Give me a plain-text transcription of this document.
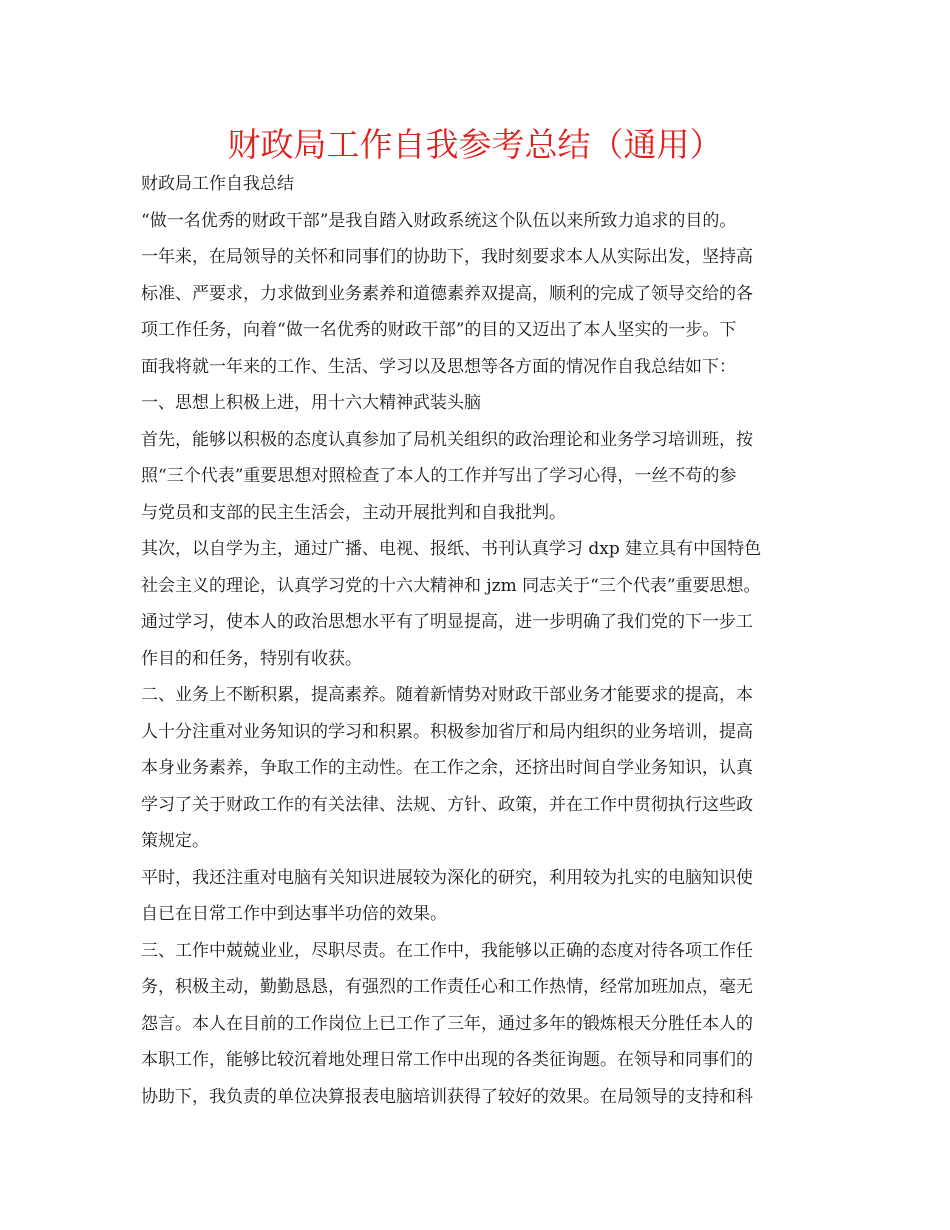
财政局工作自我参考总结（通用）
财政局工作自我总结
“做一名优秀的财政干部”是我自踏入财政系统这个队伍以来所致力追求的目的。
一年来，在局领导的关怀和同事们的协助下，我时刻要求本人从实际出发，坚持高
标准、严要求，力求做到业务素养和道德素养双提高，顺利的完成了领导交给的各
项工作任务，向着“做一名优秀的财政干部”的目的又迈出了本人坚实的一步。下
面我将就一年来的工作、生活、学习以及思想等各方面的情况作自我总结如下：
一、思想上积极上进，用十六大精神武装头脑
首先，能够以积极的态度认真参加了局机关组织的政治理论和业务学习培训班，按
照“三个代表”重要思想对照检查了本人的工作并写出了学习心得，一丝不苟的参
与党员和支部的民主生活会，主动开展批判和自我批判。
其次，以自学为主，通过广播、电视、报纸、书刊认真学习 dxp 建立具有中国特色
社会主义的理论，认真学习党的十六大精神和 jzm 同志关于“三个代表”重要思想。
通过学习，使本人的政治思想水平有了明显提高，进一步明确了我们党的下一步工
作目的和任务，特别有收获。
二、业务上不断积累，提高素养。随着新情势对财政干部业务才能要求的提高，本
人十分注重对业务知识的学习和积累。积极参加省厅和局内组织的业务培训，提高
本身业务素养，争取工作的主动性。在工作之余，还挤出时间自学业务知识，认真
学习了关于财政工作的有关法律、法规、方针、政策，并在工作中贯彻执行这些政
策规定。
平时，我还注重对电脑有关知识进展较为深化的研究，利用较为扎实的电脑知识使
自已在日常工作中到达事半功倍的效果。
三、工作中兢兢业业，尽职尽责。在工作中，我能够以正确的态度对待各项工作任
务，积极主动，勤勤恳恳，有强烈的工作责任心和工作热情，经常加班加点，毫无
怨言。本人在目前的工作岗位上已工作了三年，通过多年的锻炼根天分胜任本人的
本职工作，能够比较沉着地处理日常工作中出现的各类征询题。在领导和同事们的
协助下，我负责的单位决算报表电脑培训获得了较好的效果。在局领导的支持和科
